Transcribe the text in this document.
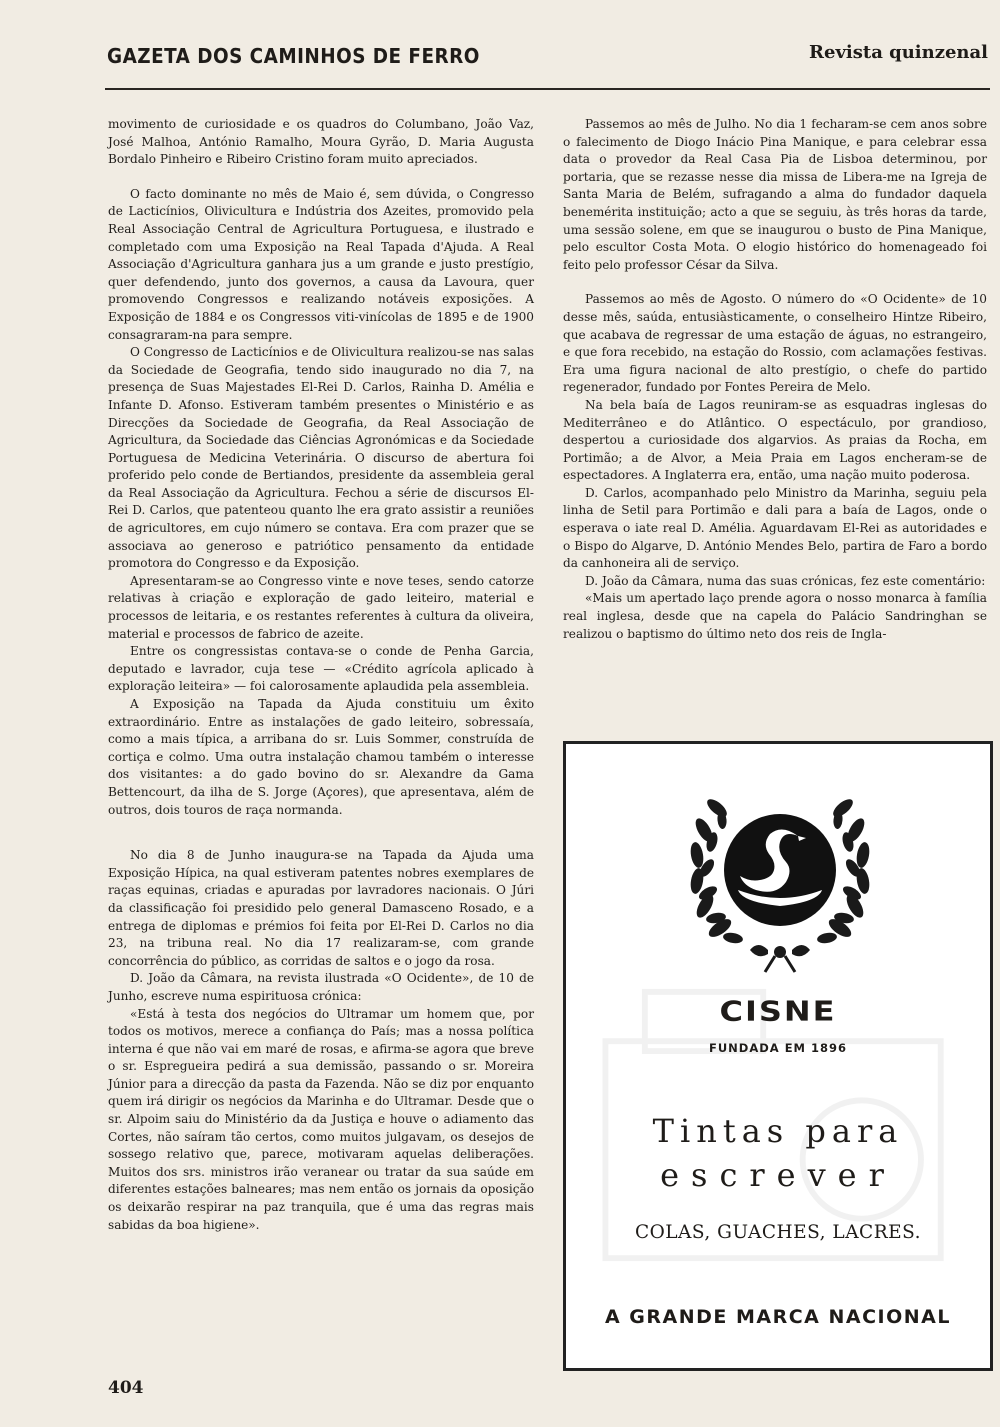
GAZETA DOS CAMINHOS DE FERRO	Revista quinzenal

movimento de curiosidade e os quadros do Columbano, João Vaz, José Malhoa, António Ramalho, Moura Gyrão, D. Maria Augusta Bordalo Pinheiro e Ribeiro Cristino foram muito apreciados.

O facto dominante no mês de Maio é, sem dúvida, o Congresso de Lacticínios, Olivicultura e Indústria dos Azeites, promovido pela Real Associação Central de Agricultura Portuguesa, e ilustrado e completado com uma Exposição na Real Tapada d'Ajuda. A Real Associação d'Agricultura ganhara jus a um grande e justo prestígio, quer defendendo, junto dos governos, a causa da Lavoura, quer promovendo Congressos e realizando notáveis exposições. A Exposição de 1884 e os Congressos viti-vinícolas de 1895 e de 1900 consagraram-na para sempre.

O Congresso de Lacticínios e de Olivicultura realizou-se nas salas da Sociedade de Geografia, tendo sido inaugurado no dia 7, na presença de Suas Majestades El-Rei D. Carlos, Rainha D. Amélia e Infante D. Afonso. Estiveram também presentes o Ministério e as Direcções da Sociedade de Geografia, da Real Associação de Agricultura, da Sociedade das Ciências Agronómicas e da Sociedade Portuguesa de Medicina Veterinária. O discurso de abertura foi proferido pelo conde de Bertiandos, presidente da assembleia geral da Real Associação da Agricultura. Fechou a série de discursos El-Rei D. Carlos, que patenteou quanto lhe era grato assistir a reuniões de agricultores, em cujo número se contava. Era com prazer que se associava ao generoso e patriótico pensamento da entidade promotora do Congresso e da Exposição.

Apresentaram-se ao Congresso vinte e nove teses, sendo catorze relativas à criação e exploração de gado leiteiro, material e processos de leitaria, e os restantes referentes à cultura da oliveira, material e processos de fabrico de azeite.

Entre os congressistas contava-se o conde de Penha Garcia, deputado e lavrador, cuja tese — «Crédito agrícola aplicado à exploração leiteira» — foi calorosamente aplaudida pela assembleia.

A Exposição na Tapada da Ajuda constituiu um êxito extraordinário. Entre as instalações de gado leiteiro, sobressaía, como a mais típica, a arribana do sr. Luis Sommer, construída de cortiça e colmo. Uma outra instalação chamou também o interesse dos visitantes: a do gado bovino do sr. Alexandre da Gama Bettencourt, da ilha de S. Jorge (Açores), que apresentava, além de outros, dois touros de raça normanda.

No dia 8 de Junho inaugura-se na Tapada da Ajuda uma Exposição Hípica, na qual estiveram patentes nobres exemplares de raças equinas, criadas e apuradas por lavradores nacionais. O Júri da classificação foi presidido pelo general Damasceno Rosado, e a entrega de diplomas e prémios foi feita por El-Rei D. Carlos no dia 23, na tribuna real. No dia 17 realizaram-se, com grande concorrência do público, as corridas de saltos e o jogo da rosa.

D. João da Câmara, na revista ilustrada «O Ocidente», de 10 de Junho, escreve numa espirituosa crónica:

«Está à testa dos negócios do Ultramar um homem que, por todos os motivos, merece a confiança do País; mas a nossa política interna é que não vai em maré de rosas, e afirma-se agora que breve o sr. Espregueira pedirá a sua demissão, passando o sr. Moreira Júnior para a direcção da pasta da Fazenda. Não se diz por enquanto quem irá dirigir os negócios da Marinha e do Ultramar. Desde que o sr. Alpoim saiu do Ministério da da Justiça e houve o adiamento das Cortes, não saíram tão certos, como muitos julgavam, os desejos de sossego relativo que, parece, motivaram aquelas deliberações. Muitos dos srs. ministros irão veranear ou tratar da sua saúde em diferentes estações balneares; mas nem então os jornais da oposição os deixarão respirar na paz tranquila, que é uma das regras mais sabidas da boa higiene».

Passemos ao mês de Julho. No dia 1 fecharam-se cem anos sobre o falecimento de Diogo Inácio Pina Manique, e para celebrar essa data o provedor da Real Casa Pia de Lisboa determinou, por portaria, que se rezasse nesse dia missa de Libera-me na Igreja de Santa Maria de Belém, sufragando a alma do fundador daquela benemérita instituição; acto a que se seguiu, às três horas da tarde, uma sessão solene, em que se inaugurou o busto de Pina Manique, pelo escultor Costa Mota. O elogio histórico do homenageado foi feito pelo professor César da Silva.

Passemos ao mês de Agosto. O número do «O Ocidente» de 10 desse mês, saúda, entusiàsticamente, o conselheiro Hintze Ribeiro, que acabava de regressar de uma estação de águas, no estrangeiro, e que fora recebido, na estação do Rossio, com aclamações festivas. Era uma figura nacional de alto prestígio, o chefe do partido regenerador, fundado por Fontes Pereira de Melo.

Na bela baía de Lagos reuniram-se as esquadras inglesas do Mediterrâneo e do Atlântico. O espectáculo, por grandioso, despertou a curiosidade dos algarvios. As praias da Rocha, em Portimão; a de Alvor, a Meia Praia em Lagos encheram-se de espectadores. A Inglaterra era, então, uma nação muito poderosa.

D. Carlos, acompanhado pelo Ministro da Marinha, seguiu pela linha de Setil para Portimão e dali para a baía de Lagos, onde o esperava o iate real D. Amélia. Aguardavam El-Rei as autoridades e o Bispo do Algarve, D. António Mendes Belo, partira de Faro a bordo da canhoneira ali de serviço.

D. João da Câmara, numa das suas crónicas, fez este comentário:

«Mais um apertado laço prende agora o nosso monarca à família real inglesa, desde que na capela do Palácio Sandringhan se realizou o baptismo do último neto dos reis de Ingla-

CISNE
FUNDADA EM 1896
Tintas para
escrever
COLAS, GUACHES, LACRES.
A GRANDE MARCA NACIONAL
404
